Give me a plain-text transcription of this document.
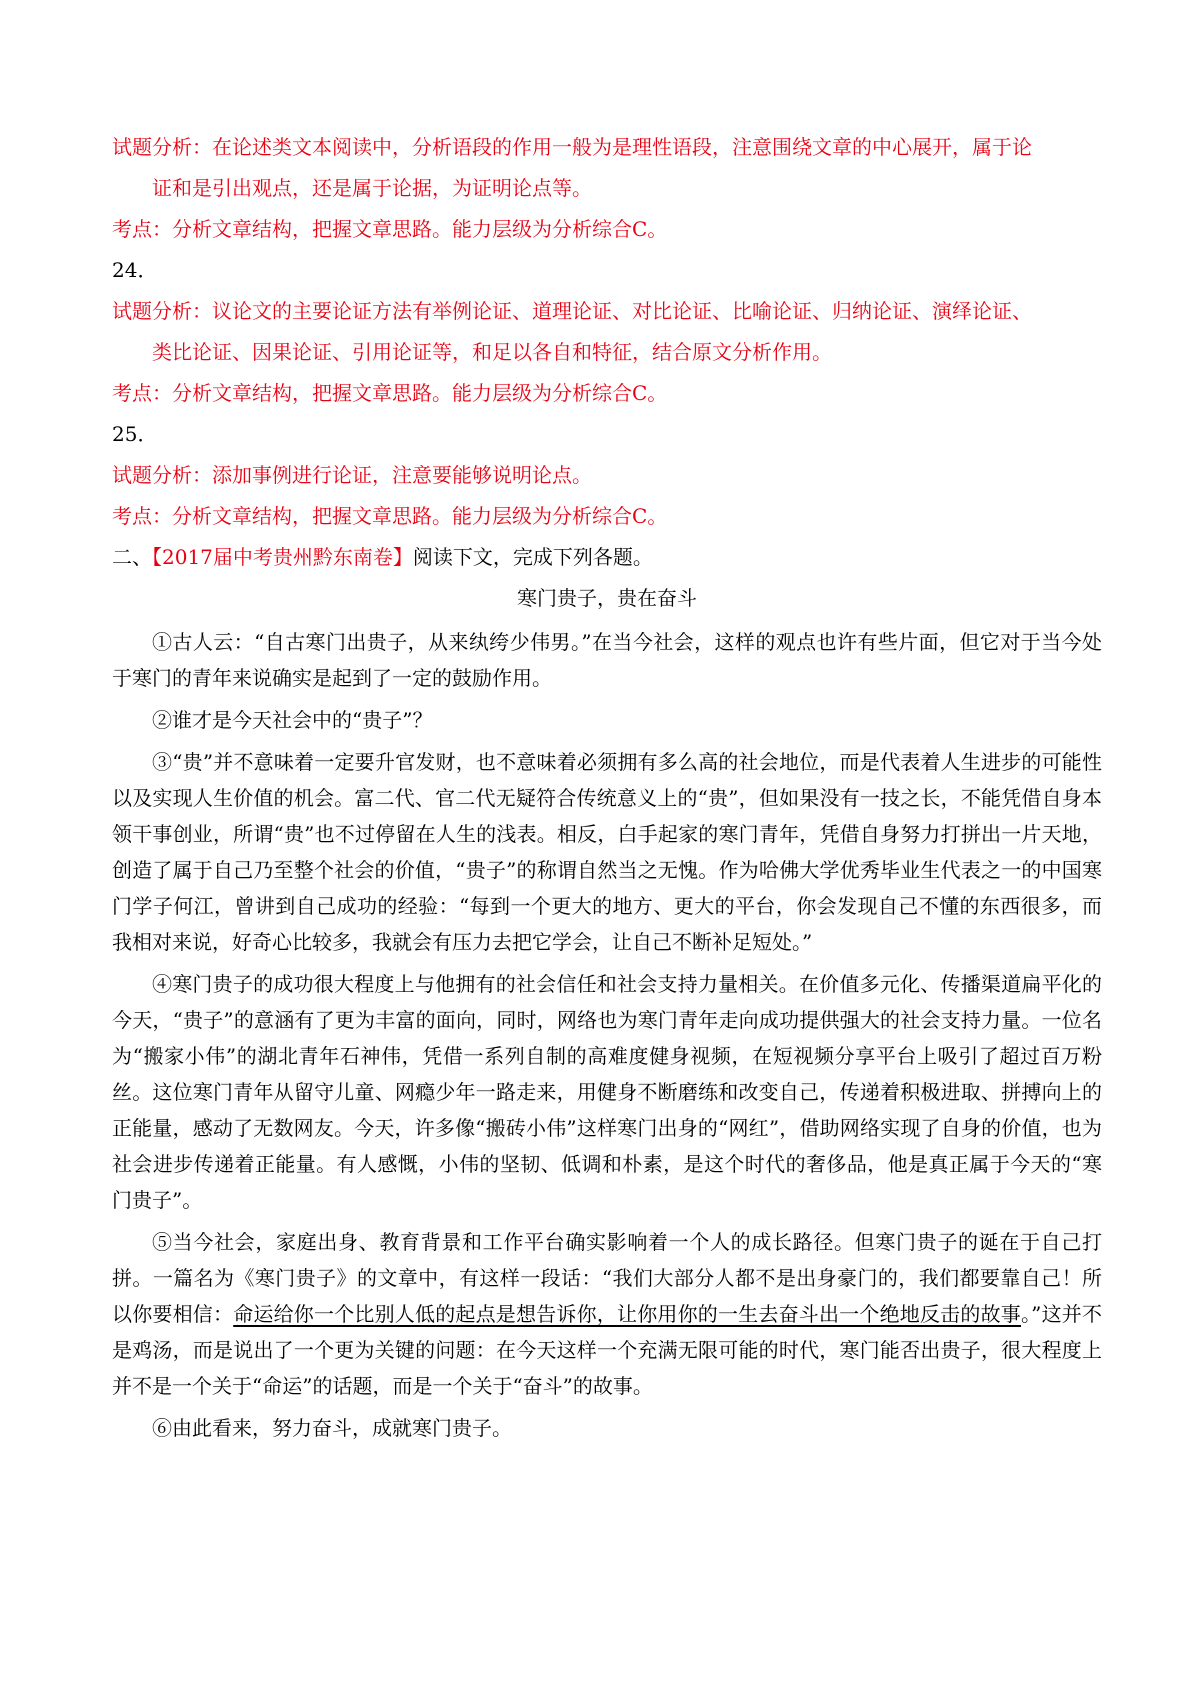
试题分析：在论述类文本阅读中，分析语段的作用一般为是理性语段，注意围绕文章的中心展开，属于论

证和是引出观点，还是属于论据，为证明论点等。

考点：分析文章结构，把握文章思路。能力层级为分析综合C。

24．

试题分析：议论文的主要论证方法有举例论证、道理论证、对比论证、比喻论证、归纳论证、演绎论证、

类比论证、因果论证、引用论证等，和足以各自和特征，结合原文分析作用。

考点：分析文章结构，把握文章思路。能力层级为分析综合C。

25．

试题分析：添加事例进行论证，注意要能够说明论点。

考点：分析文章结构，把握文章思路。能力层级为分析综合C。

二、【2017届中考贵州黔东南卷】阅读下文，完成下列各题。

寒门贵子，贵在奋斗

①古人云：“自古寒门出贵子，从来纨绔少伟男。”在当今社会，这样的观点也许有些片面，但它对于当今处于寒门的青年来说确实是起到了一定的鼓励作用。

②谁才是今天社会中的“贵子”？

③“贵”并不意味着一定要升官发财，也不意味着必须拥有多么高的社会地位，而是代表着人生进步的可能性以及实现人生价值的机会。富二代、官二代无疑符合传统意义上的“贵”，但如果没有一技之长，不能凭借自身本领干事创业，所谓“贵”也不过停留在人生的浅表。相反，白手起家的寒门青年，凭借自身努力打拼出一片天地，创造了属于自己乃至整个社会的价值，“贵子”的称谓自然当之无愧。作为哈佛大学优秀毕业生代表之一的中国寒门学子何江，曾讲到自己成功的经验：“每到一个更大的地方、更大的平台，你会发现自己不懂的东西很多，而我相对来说，好奇心比较多，我就会有压力去把它学会，让自己不断补足短处。”

④寒门贵子的成功很大程度上与他拥有的社会信任和社会支持力量相关。在价值多元化、传播渠道扁平化的今天，“贵子”的意涵有了更为丰富的面向，同时，网络也为寒门青年走向成功提供强大的社会支持力量。一位名为“搬家小伟”的湖北青年石神伟，凭借一系列自制的高难度健身视频，在短视频分享平台上吸引了超过百万粉丝。这位寒门青年从留守儿童、网瘾少年一路走来，用健身不断磨练和改变自己，传递着积极进取、拼搏向上的正能量，感动了无数网友。今天，许多像“搬砖小伟”这样寒门出身的“网红”，借助网络实现了自身的价值，也为社会进步传递着正能量。有人感慨，小伟的坚韧、低调和朴素，是这个时代的奢侈品，他是真正属于今天的“寒门贵子”。

⑤当今社会，家庭出身、教育背景和工作平台确实影响着一个人的成长路径。但寒门贵子的诞在于自己打拼。一篇名为《寒门贵子》的文章中，有这样一段话：“我们大部分人都不是出身豪门的，我们都要靠自己！所以你要相信：命运给你一个比别人低的起点是想告诉你，让你用你的一生去奋斗出一个绝地反击的故事。”这并不是鸡汤，而是说出了一个更为关键的问题：在今天这样一个充满无限可能的时代，寒门能否出贵子，很大程度上并不是一个关于“命运”的话题，而是一个关于“奋斗”的故事。

⑥由此看来，努力奋斗，成就寒门贵子。
